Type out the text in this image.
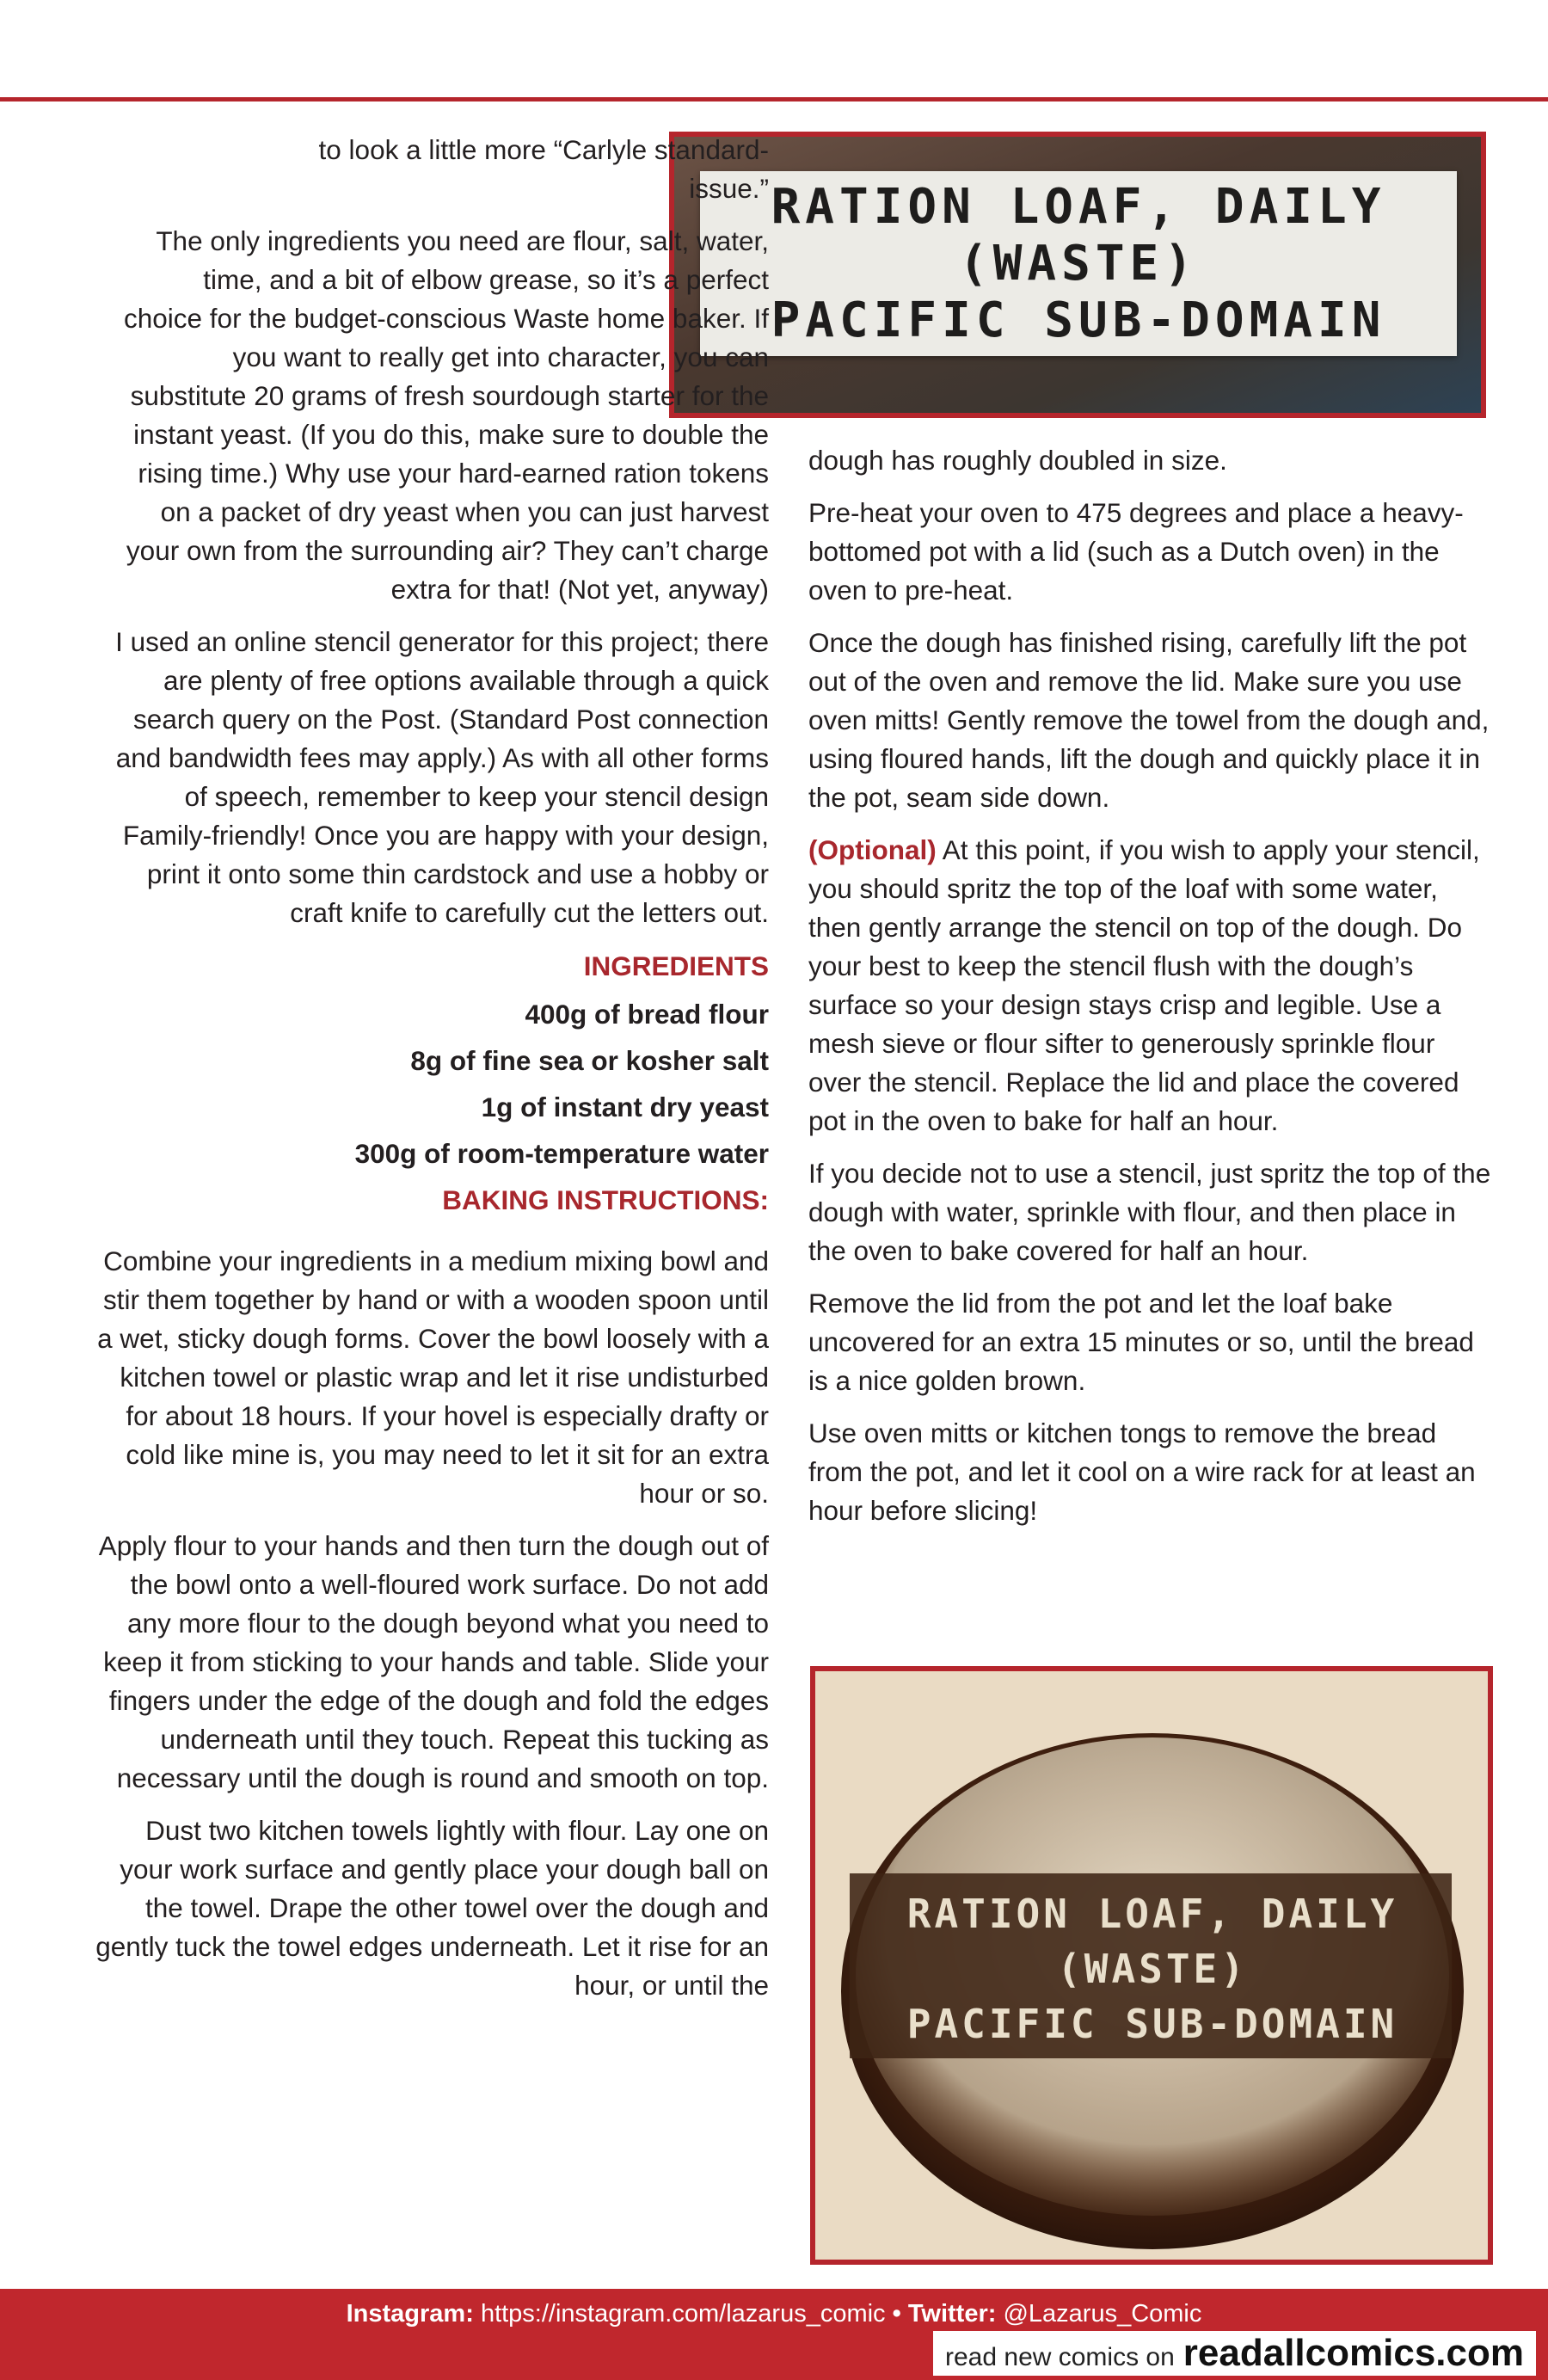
RATION LOAF, DAILY
(WASTE)
PACIFIC SUB-DOMAIN

to look a little more “Carlyle standard-issue.”

The only ingredients you need are flour, salt, water, time, and a bit of elbow grease, so it’s a perfect choice for the budget-conscious Waste home baker. If you want to really get into character, you can substitute 20 grams of fresh sourdough starter for the instant yeast. (If you do this, make sure to double the rising time.) Why use your hard-earned ration tokens on a packet of dry yeast when you can just harvest your own from the surrounding air? They can’t charge extra for that! (Not yet, anyway)

I used an online stencil generator for this project; there are plenty of free options available through a quick search query on the Post. (Standard Post connection and bandwidth fees may apply.) As with all other forms of speech, remember to keep your stencil design Family-friendly! Once you are happy with your design, print it onto some thin cardstock and use a hobby or craft knife to carefully cut the letters out.

INGREDIENTS
400g of bread flour
8g of fine sea or kosher salt
1g of instant dry yeast
300g of room-temperature water
BAKING INSTRUCTIONS:

Combine your ingredients in a medium mixing bowl and stir them together by hand or with a wooden spoon until a wet, sticky dough forms. Cover the bowl loosely with a kitchen towel or plastic wrap and let it rise undisturbed for about 18 hours. If your hovel is especially drafty or cold like mine is, you may need to let it sit for an extra hour or so.

Apply flour to your hands and then turn the dough out of the bowl onto a well-floured work surface. Do not add any more flour to the dough beyond what you need to keep it from sticking to your hands and table. Slide your fingers under the edge of the dough and fold the edges underneath until they touch. Repeat this tucking as necessary until the dough is round and smooth on top.

Dust two kitchen towels lightly with flour. Lay one on your work surface and gently place your dough ball on the towel. Drape the other towel over the dough and gently tuck the towel edges underneath. Let it rise for an hour, or until the

dough has roughly doubled in size.

Pre-heat your oven to 475 degrees and place a heavy-bottomed pot with a lid (such as a Dutch oven) in the oven to pre-heat.

Once the dough has finished rising, carefully lift the pot out of the oven and remove the lid. Make sure you use oven mitts! Gently remove the towel from the dough and, using floured hands, lift the dough and quickly place it in the pot, seam side down.

(Optional) At this point, if you wish to apply your stencil, you should spritz the top of the loaf with some water, then gently arrange the stencil on top of the dough. Do your best to keep the stencil flush with the dough’s surface so your design stays crisp and legible. Use a mesh sieve or flour sifter to generously sprinkle flour over the stencil. Replace the lid and place the covered pot in the oven to bake for half an hour.

If you decide not to use a stencil, just spritz the top of the dough with water, sprinkle with flour, and then place in the oven to bake covered for half an hour.

Remove the lid from the pot and let the loaf bake uncovered for an extra 15 minutes or so, until the bread is a nice golden brown.

Use oven mitts or kitchen tongs to remove the bread from the pot, and let it cool on a wire rack for at least an hour before slicing!

RATION LOAF, DAILY
(WASTE)
PACIFIC SUB-DOMAIN
Instagram: https://instagram.com/lazarus_comic • Twitter: @Lazarus_Comic
read new comics on readallcomics.com
